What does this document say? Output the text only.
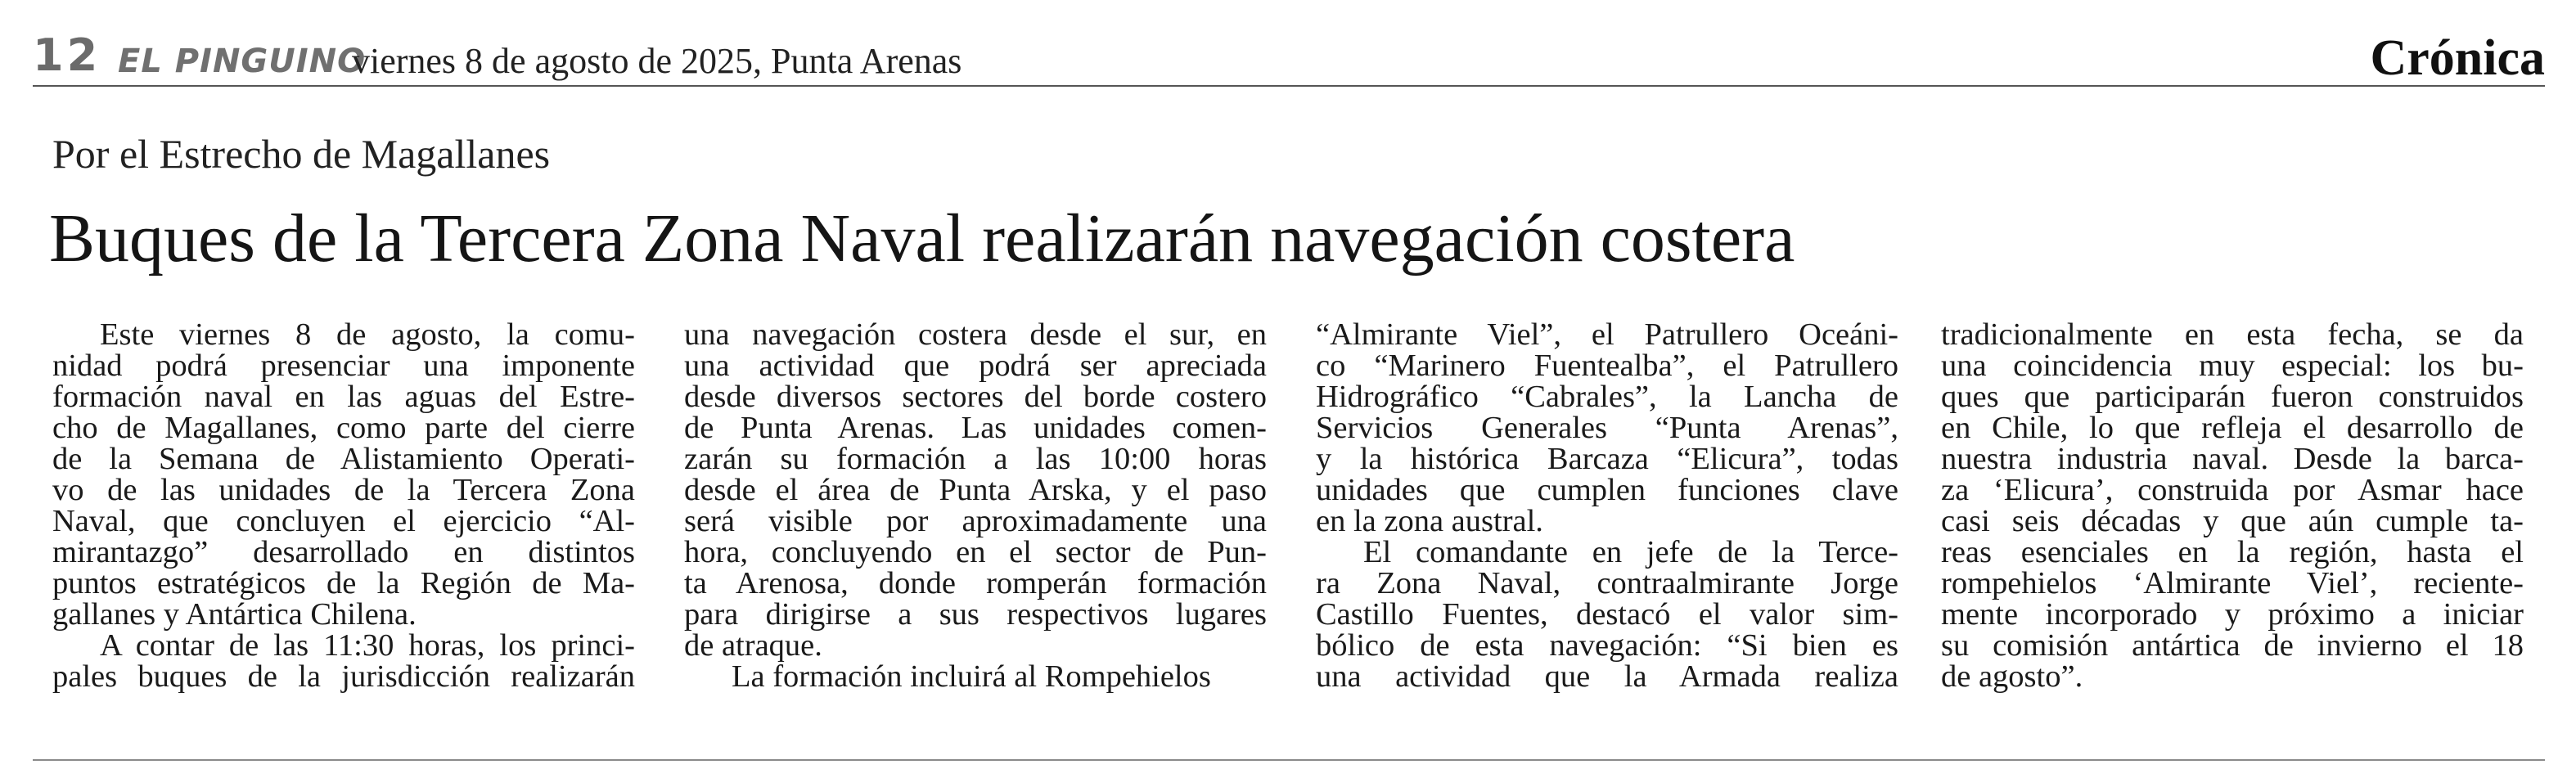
12 EL PINGUINO
viernes 8 de agosto de 2025, Punta Arenas	Crónica
Por el Estrecho de Magallanes
Buques de la Tercera Zona Naval realizarán navegación costera
Este viernes 8 de agosto, la comu-
nidad podrá presenciar una imponente
formación naval en las aguas del Estre-
cho de Magallanes, como parte del cierre
de la Semana de Alistamiento Operati-
vo de las unidades de la Tercera Zona
Naval, que concluyen el ejercicio “Al-
mirantazgo” desarrollado en distintos
puntos estratégicos de la Región de Ma-
gallanes y Antártica Chilena.
A contar de las 11:30 horas, los princi-
pales buques de la jurisdicción realizarán
una navegación costera desde el sur, en
una actividad que podrá ser apreciada
desde diversos sectores del borde costero
de Punta Arenas. Las unidades comen-
zarán su formación a las 10:00 horas
desde el área de Punta Arska, y el paso
será visible por aproximadamente una
hora, concluyendo en el sector de Pun-
ta Arenosa, donde romperán formación
para dirigirse a sus respectivos lugares
de atraque.
La formación incluirá al Rompehielos
“Almirante Viel”, el Patrullero Oceáni-
co “Marinero Fuentealba”, el Patrullero
Hidrográfico “Cabrales”, la Lancha de
Servicios Generales “Punta Arenas”,
y la histórica Barcaza “Elicura”, todas
unidades que cumplen funciones clave
en la zona austral.
El comandante en jefe de la Terce-
ra Zona Naval, contraalmirante Jorge
Castillo Fuentes, destacó el valor sim-
bólico de esta navegación: “Si bien es
una actividad que la Armada realiza
tradicionalmente en esta fecha, se da
una coincidencia muy especial: los bu-
ques que participarán fueron construidos
en Chile, lo que refleja el desarrollo de
nuestra industria naval. Desde la barca-
za ‘Elicura’, construida por Asmar hace
casi seis décadas y que aún cumple ta-
reas esenciales en la región, hasta el
rompehielos ‘Almirante Viel’, reciente-
mente incorporado y próximo a iniciar
su comisión antártica de invierno el 18
de agosto”.
